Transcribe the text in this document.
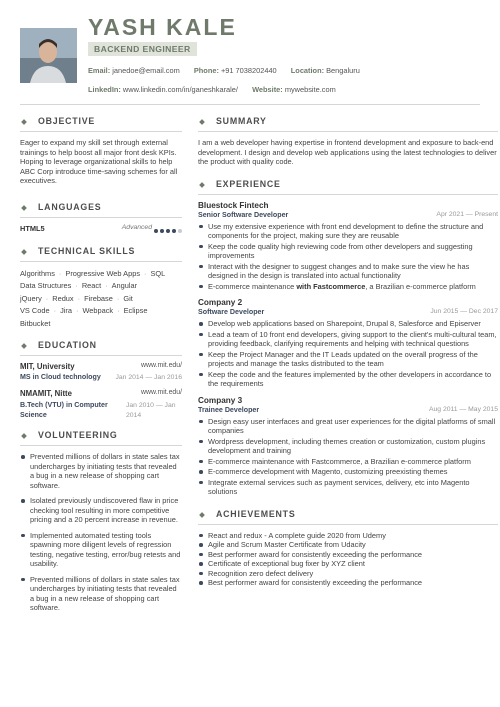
YASH KALE
BACKEND ENGINEER
Email: janedoe@email.com Phone: +91 7038202440 Location: Bengaluru
LinkedIn: www.linkedin.com/in/ganeshkarale/ Website: mywebsite.com
OBJECTIVE
Eager to expand my skill set through external trainings to help boost all major front desk KPIs. Hoping to leverage organizational skills to help ABC Corp introduce time-saving schemes for all executives.
LANGUAGES
HTML5	Advanced
TECHNICAL SKILLS
Algorithms · Progressive Web Apps · SQL
Data Structures · React · Angular
jQuery · Redux · Firebase · Git
VS Code · Jira · Webpack · Eclipse
Bitbucket
EDUCATION
MIT, University	www.mit.edu/
MS in Cloud technology	Jan 2014 — Jan 2016
NMAMIT, Nitte	www.mit.edu/
B.Tech (VTU) in Computer Science
Jan 2010 — Jan 2014
VOLUNTEERING
Prevented millions of dollars in state sales tax undercharges by initiating tests that revealed a bug in a new release of shopping cart software.
Isolated previously undiscovered flaw in price checking tool resulting in more competitive pricing and a 20 percent increase in revenue.
Implemented automated testing tools spawning more diligent levels of regression testing, negative testing, error/bug retests and usability.
Prevented millions of dollars in state sales tax undercharges by initiating tests that revealed a bug in a new release of shopping cart software.
SUMMARY
I am a web developer having expertise in frontend development and exposure to back-end development. I design and develop web applications using the latest technologies to deliver the product with quality code.
EXPERIENCE
Bluestock Fintech
Senior Software Developer	Apr 2021 — Present
Use my extensive experience with front end development to define the structure and components for the project, making sure they are reusable
Keep the code quality high reviewing code from other developers and suggesting improvements
Interact with the designer to suggest changes and to make sure the view he has designed in the design is translated into actual functionality
E-commerce maintenance with Fastcommerce, a Brazilian e-commerce platform
Company 2
Software Developer	Jun 2015 — Dec 2017
Develop web applications based on Sharepoint, Drupal 8, Salesforce and Episerver
Lead a team of 10 front end developers, giving support to the client's multi-cultural team, providing feedback, clarifying requirements and helping with technical questions
Keep the Project Manager and the IT Leads updated on the overall progress of the projects and manage the tasks distributed to the team
Keep the code and the features implemented by the other developers in accordance to the requirements
Company 3
Trainee Developer	Aug 2011 — May 2015
Design easy user interfaces and great user experiences for the digital platforms of small companies
Wordpress development, including themes creation or customization, custom plugins development and training
E-commerce maintenance with Fastcommerce, a Brazilian e-commerce platform
E-commerce development with Magento, customizing preexisting themes
Integrate external services such as payment services, delivery, etc into Magento solutions
ACHIEVEMENTS
React and redux - A complete guide 2020 from Udemy
Agile and Scrum Master Certificate from Udacity
Best performer award for consistently exceeding the performance
Certificate of exceptional bug fixer by XYZ client
Recognition zero defect delivery
Best performer award for consistently exceeding the performance
